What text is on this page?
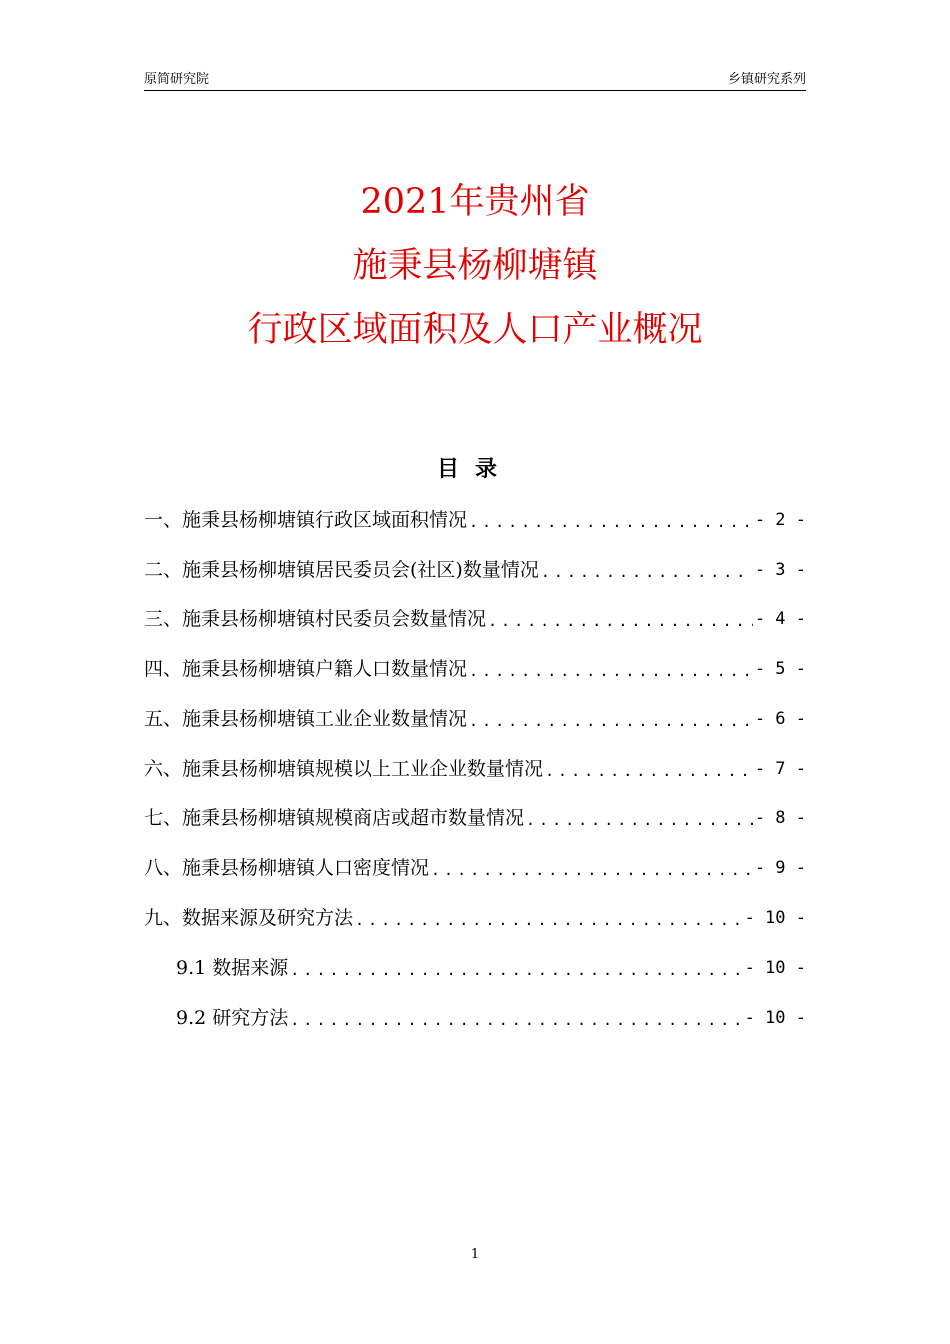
原简研究院	乡镇研究系列
2021年贵州省
施秉县杨柳塘镇
行政区域面积及人口产业概况
目录
一、施秉县杨柳塘镇行政区域面积情况 .....	- 2 -
二、施秉县杨柳塘镇居民委员会(社区)数量情况 .....	- 3 -
三、施秉县杨柳塘镇村民委员会数量情况 .....	- 4 -
四、施秉县杨柳塘镇户籍人口数量情况 .....	- 5 -
五、施秉县杨柳塘镇工业企业数量情况 .....	- 6 -
六、施秉县杨柳塘镇规模以上工业企业数量情况 .....	- 7 -
七、施秉县杨柳塘镇规模商店或超市数量情况 .....	- 8 -
八、施秉县杨柳塘镇人口密度情况 .....	- 9 -
九、数据来源及研究方法 .....	- 10 -
9.1 数据来源 .....	- 10 -
9.2 研究方法 .....	- 10 -
1
